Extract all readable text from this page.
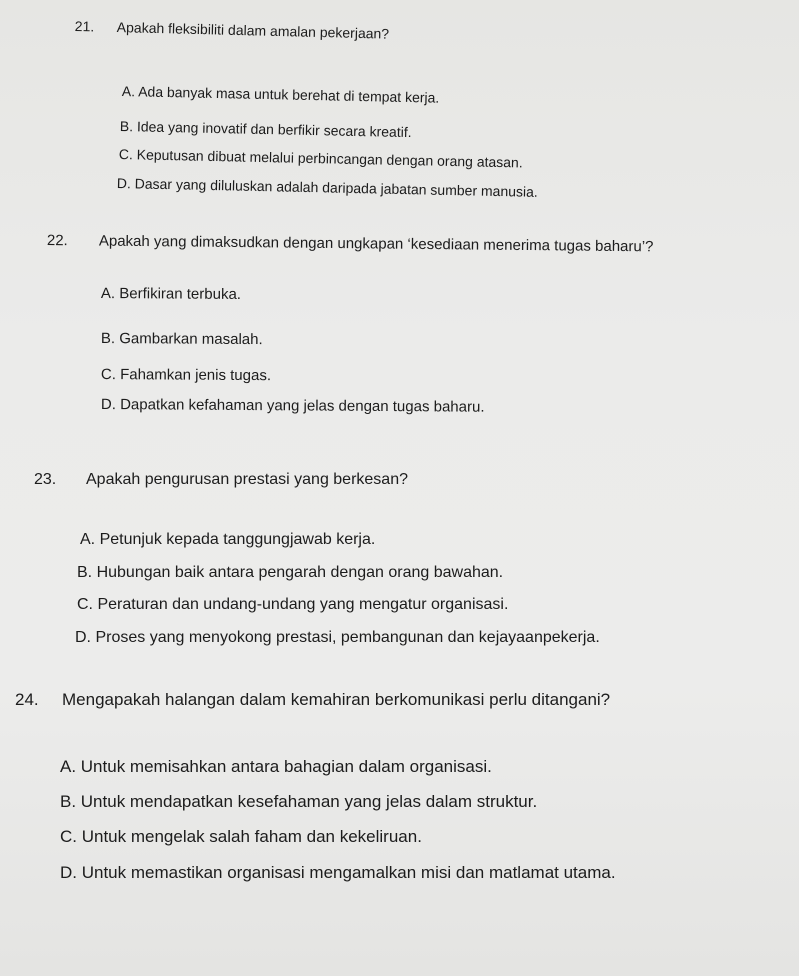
21. Apakah fleksibiliti dalam amalan pekerjaan?
A. Ada banyak masa untuk berehat di tempat kerja.
B. Idea yang inovatif dan berfikir secara kreatif.
C. Keputusan dibuat melalui perbincangan dengan orang atasan.
D. Dasar yang diluluskan adalah daripada jabatan sumber manusia.
22. Apakah yang dimaksudkan dengan ungkapan ‘kesediaan menerima tugas baharu’?
A. Berfikiran terbuka.
B. Gambarkan masalah.
C. Fahamkan jenis tugas.
D. Dapatkan kefahaman yang jelas dengan tugas baharu.
23. Apakah pengurusan prestasi yang berkesan?
A. Petunjuk kepada tanggungjawab kerja.
B. Hubungan baik antara pengarah dengan orang bawahan.
C. Peraturan dan undang-undang yang mengatur organisasi.
D. Proses yang menyokong prestasi, pembangunan dan kejayaanpekerja.
24. Mengapakah halangan dalam kemahiran berkomunikasi perlu ditangani?
A. Untuk memisahkan antara bahagian dalam organisasi.
B. Untuk mendapatkan kesefahaman yang jelas dalam struktur.
C. Untuk mengelak salah faham dan kekeliruan.
D. Untuk memastikan organisasi mengamalkan misi dan matlamat utama.
